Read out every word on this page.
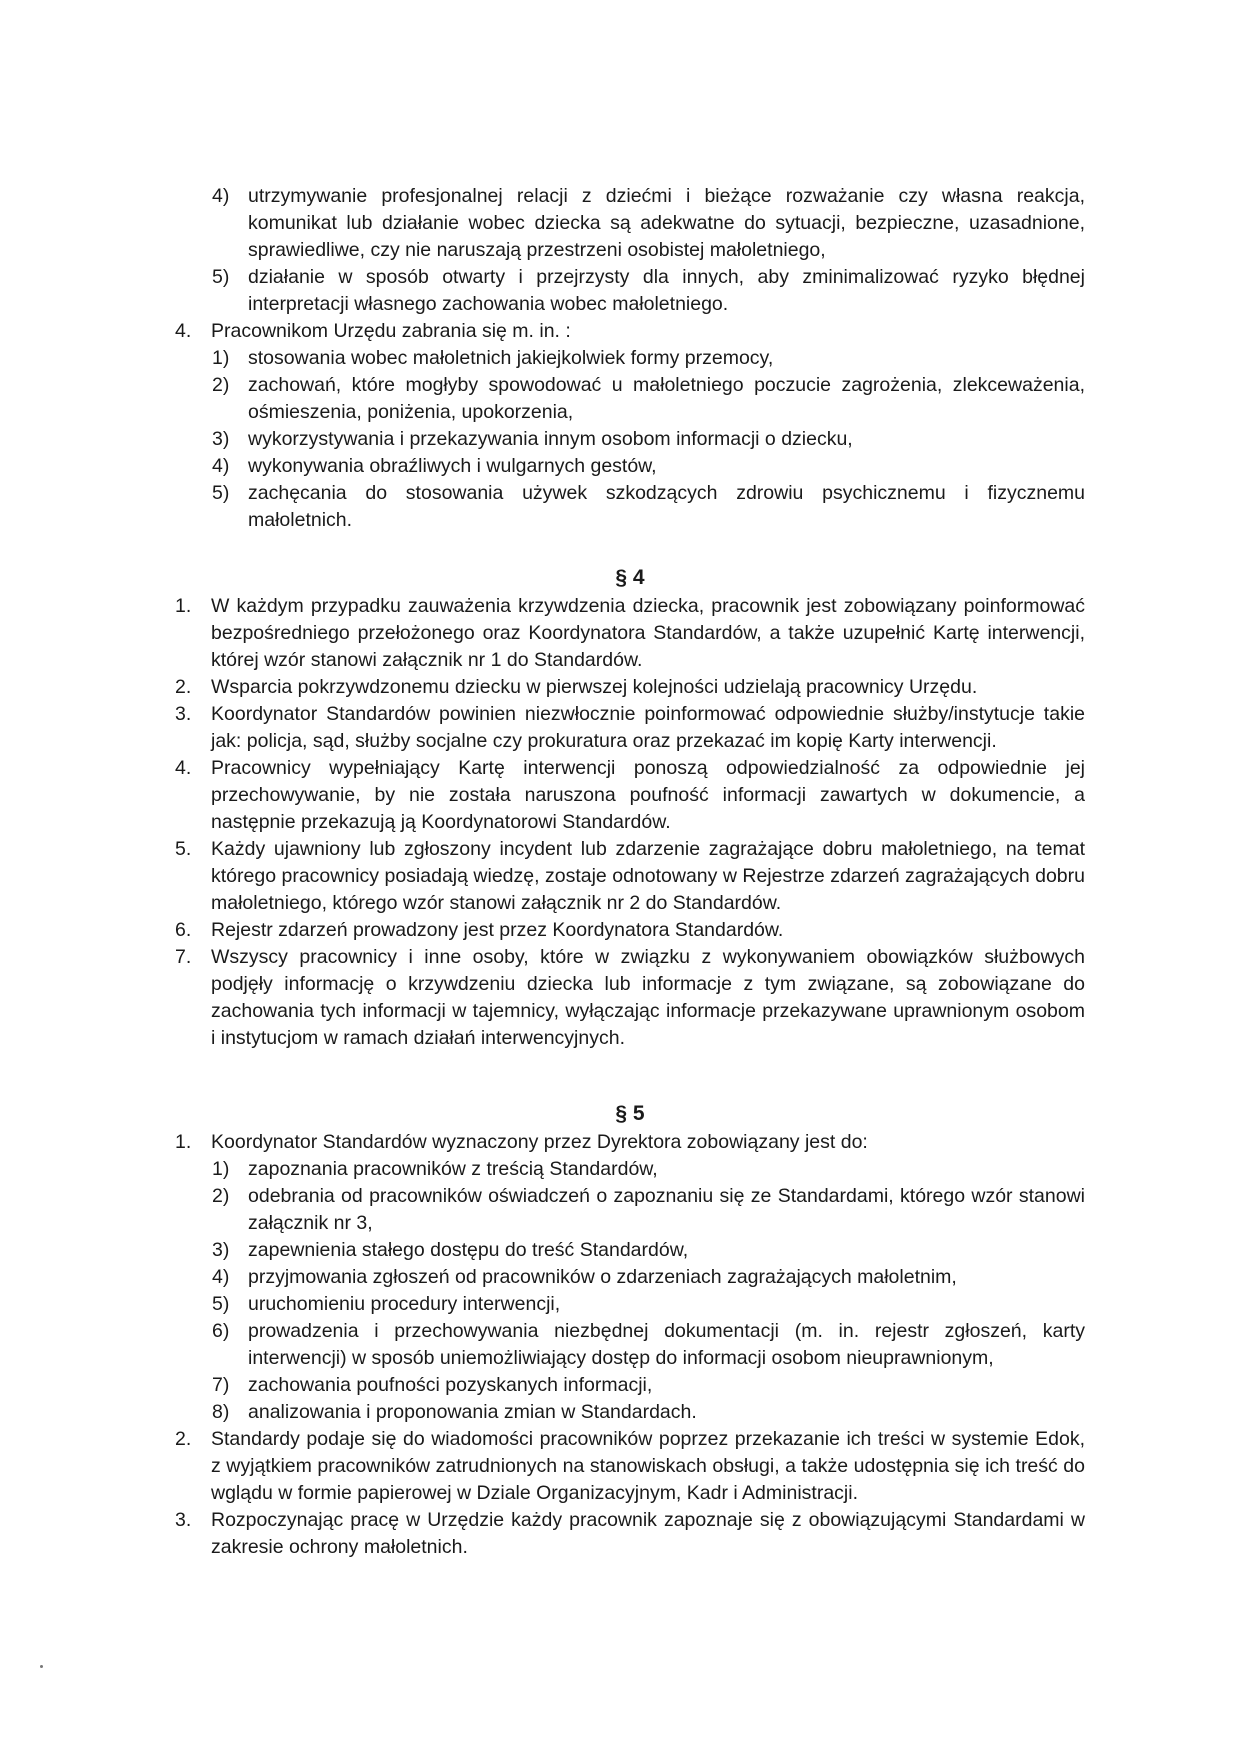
4) utrzymywanie profesjonalnej relacji z dziećmi i bieżące rozważanie czy własna reakcja, komunikat lub działanie wobec dziecka są adekwatne do sytuacji, bezpieczne, uzasadnione, sprawiedliwe, czy nie naruszają przestrzeni osobistej małoletniego,
5) działanie w sposób otwarty i przejrzysty dla innych, aby zminimalizować ryzyko błędnej interpretacji własnego zachowania wobec małoletniego.
4.	Pracownikom Urzędu zabrania się m. in. :
1) stosowania wobec małoletnich jakiejkolwiek formy przemocy,
2) zachowań, które mogłyby spowodować u małoletniego poczucie zagrożenia, zlekceważenia, ośmieszenia, poniżenia, upokorzenia,
3) wykorzystywania i przekazywania innym osobom informacji o dziecku,
4) wykonywania obraźliwych i wulgarnych gestów,
5) zachęcania do stosowania używek szkodzących zdrowiu psychicznemu i fizycznemu małoletnich.
§ 4
1.	W każdym przypadku zauważenia krzywdzenia dziecka, pracownik jest zobowiązany poinformować bezpośredniego przełożonego oraz Koordynatora Standardów, a także uzupełnić Kartę interwencji, której wzór stanowi załącznik nr 1 do Standardów.
2.	Wsparcia pokrzywdzonemu dziecku w pierwszej kolejności udzielają pracownicy Urzędu.
3.	Koordynator Standardów powinien niezwłocznie poinformować odpowiednie służby/instytucje takie jak: policja, sąd, służby socjalne czy prokuratura oraz przekazać im kopię Karty interwencji.
4.	Pracownicy wypełniający Kartę interwencji ponoszą odpowiedzialność za odpowiednie jej przechowywanie, by nie została naruszona poufność informacji zawartych w dokumencie, a następnie przekazują ją Koordynatorowi Standardów.
5.	Każdy ujawniony lub zgłoszony incydent lub zdarzenie zagrażające dobru małoletniego, na temat którego pracownicy posiadają wiedzę, zostaje odnotowany w Rejestrze zdarzeń zagrażających dobru małoletniego, którego wzór stanowi załącznik nr 2 do Standardów.
6.	Rejestr zdarzeń prowadzony jest przez Koordynatora Standardów.
7.	Wszyscy pracownicy i inne osoby, które w związku z wykonywaniem obowiązków służbowych podjęły informację o krzywdzeniu dziecka lub informacje z tym związane, są zobowiązane do zachowania tych informacji w tajemnicy, wyłączając informacje przekazywane uprawnionym osobom i instytucjom w ramach działań interwencyjnych.
§ 5
1.	Koordynator Standardów wyznaczony przez Dyrektora zobowiązany jest do:
1) zapoznania pracowników z treścią Standardów,
2) odebrania od pracowników oświadczeń o zapoznaniu się ze Standardami, którego wzór stanowi załącznik nr 3,
3) zapewnienia stałego dostępu do treść Standardów,
4) przyjmowania zgłoszeń od pracowników o zdarzeniach zagrażających małoletnim,
5) uruchomieniu procedury interwencji,
6) prowadzenia i przechowywania niezbędnej dokumentacji (m. in. rejestr zgłoszeń, karty interwencji) w sposób uniemożliwiający dostęp do informacji osobom nieuprawnionym,
7) zachowania poufności pozyskanych informacji,
8) analizowania i proponowania zmian w Standardach.
2.	Standardy podaje się do wiadomości pracowników poprzez przekazanie ich treści w systemie Edok, z wyjątkiem pracowników zatrudnionych na stanowiskach obsługi, a także udostępnia się ich treść do wglądu w formie papierowej w Dziale Organizacyjnym, Kadr i Administracji.
3.	Rozpoczynając pracę w Urzędzie każdy pracownik zapoznaje się z obowiązującymi Standardami w zakresie ochrony małoletnich.
